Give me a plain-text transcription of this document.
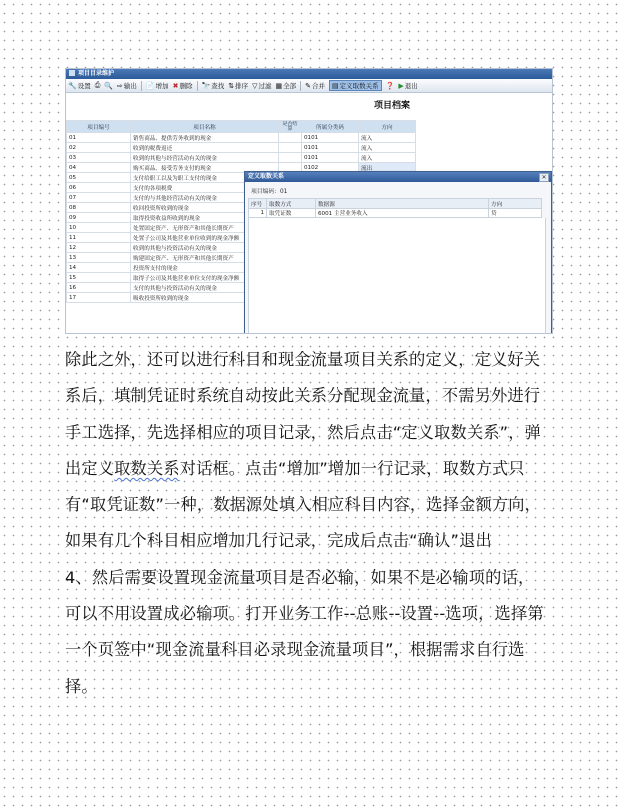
项目目录维护
🔧 设置 ⎙ 🔍 ⇨ 输出 📄 增加 ✖ 删除 🔭 查找 ⇅ 排序 ▽ 过滤 ▦ 全部 ✎ 合并 ▤ 定义取数关系 ❓ ▶ 退出
项目档案
项目编号	项目名称	是否结算	所属分类码	方向
01	销售商品、提供劳务收到的现金		0101	流入
02	收到的税费返还		0101	流入
03	收到的其他与经营活动有关的现金		0101	流入
04	购买商品、接受劳务支付的现金		0102	流出
05	支付给职工以及为职工支付的现金			
06	支付的各项税费			
07	支付的与其他经营活动有关的现金			
08	收回投资所收到的现金			
09	取得投资收益所收到的现金			
10	处置固定资产、无形资产和其他长期资产			
11	处置子公司及其他营业单位收到的现金净额			
12	收到的其他与投资活动有关的现金			
13	购建固定资产、无形资产和其他长期资产			
14	投资所支付的现金			
15	取得子公司及其他营业单位支付的现金净额			
16	支付的其他与投资活动有关的现金			
17	吸收投资所收到的现金			
定义取数关系	✕
项目编码：01
序号	取数方式	数据源	方向
1	取凭证数	6001 主营业务收入	贷

除此之外，还可以进行科目和现金流量项目关系的定义，定义好关系后，填制凭证时系统自动按此关系分配现金流量，不需另外进行手工选择，先选择相应的项目记录，然后点击“定义取数关系”，弹出定义取数关系对话框。点击“增加”增加一行记录，取数方式只有“取凭证数”一种，数据源处填入相应科目内容，选择金额方向，如果有几个科目相应增加几行记录，完成后点击“确认”退出

4、然后需要设置现金流量项目是否必输，如果不是必输项的话，可以不用设置成必输项。打开业务工作--总账--设置--选项，选择第一个页签中“现金流量科目必录现金流量项目”，根据需求自行选择。
